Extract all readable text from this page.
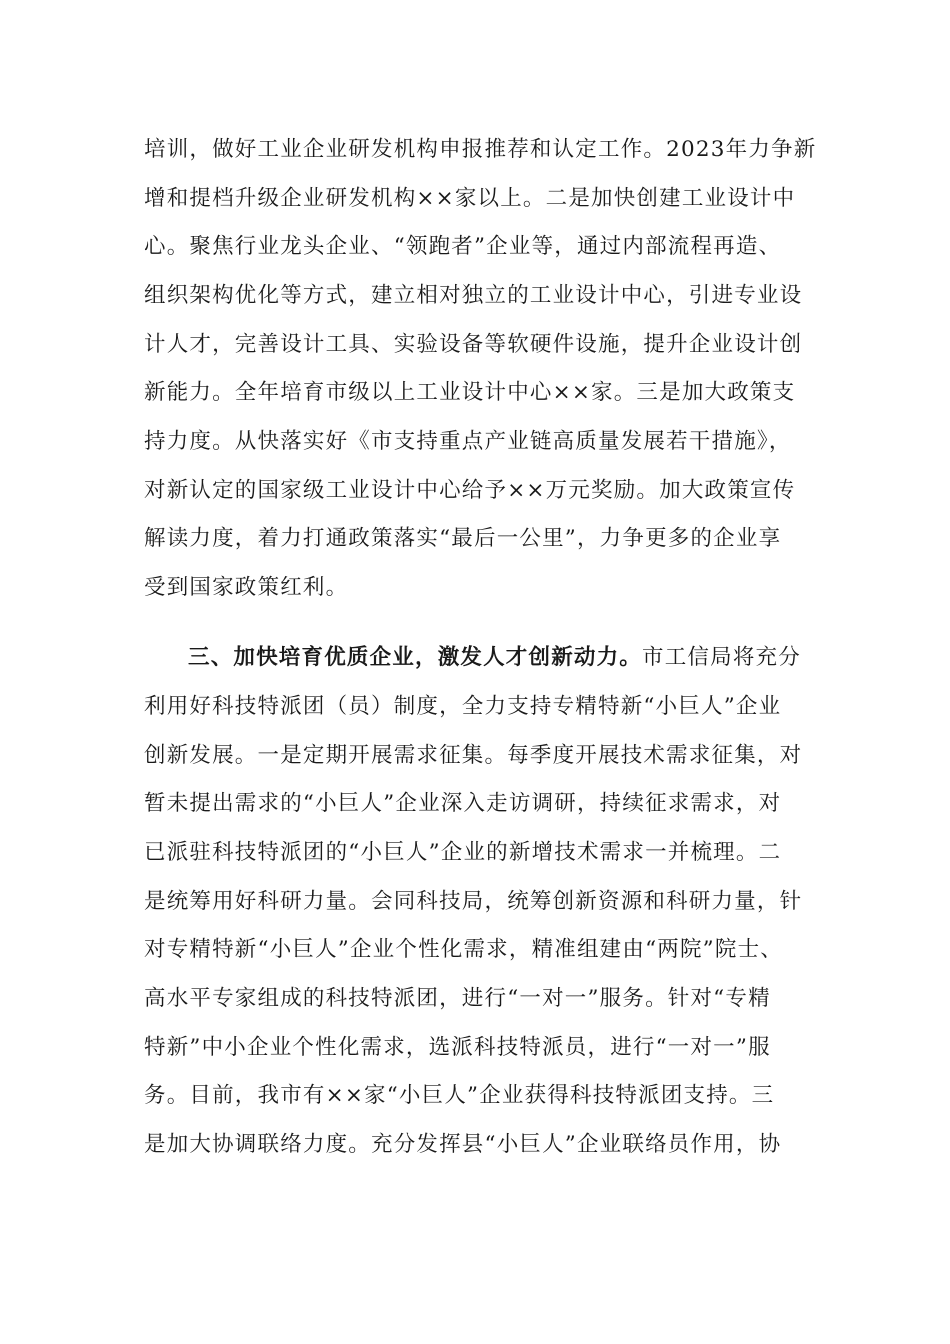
培训，做好工业企业研发机构申报推荐和认定工作。2023年力争新
增和提档升级企业研发机构××家以上。二是加快创建工业设计中
心。聚焦行业龙头企业、“领跑者”企业等，通过内部流程再造、
组织架构优化等方式，建立相对独立的工业设计中心，引进专业设
计人才，完善设计工具、实验设备等软硬件设施，提升企业设计创
新能力。全年培育市级以上工业设计中心××家。三是加大政策支
持力度。从快落实好《市支持重点产业链高质量发展若干措施》，
对新认定的国家级工业设计中心给予××万元奖励。加大政策宣传
解读力度，着力打通政策落实“最后一公里”，力争更多的企业享
受到国家政策红利。
三、加快培育优质企业，激发人才创新动力。市工信局将充分
利用好科技特派团（员）制度，全力支持专精特新“小巨人”企业
创新发展。一是定期开展需求征集。每季度开展技术需求征集，对
暂未提出需求的“小巨人”企业深入走访调研，持续征求需求，对
已派驻科技特派团的“小巨人”企业的新增技术需求一并梳理。二
是统筹用好科研力量。会同科技局，统筹创新资源和科研力量，针
对专精特新“小巨人”企业个性化需求，精准组建由“两院”院士、
高水平专家组成的科技特派团，进行“一对一”服务。针对“专精
特新”中小企业个性化需求，选派科技特派员，进行“一对一”服
务。目前，我市有××家“小巨人”企业获得科技特派团支持。三
是加大协调联络力度。充分发挥县“小巨人”企业联络员作用，协
